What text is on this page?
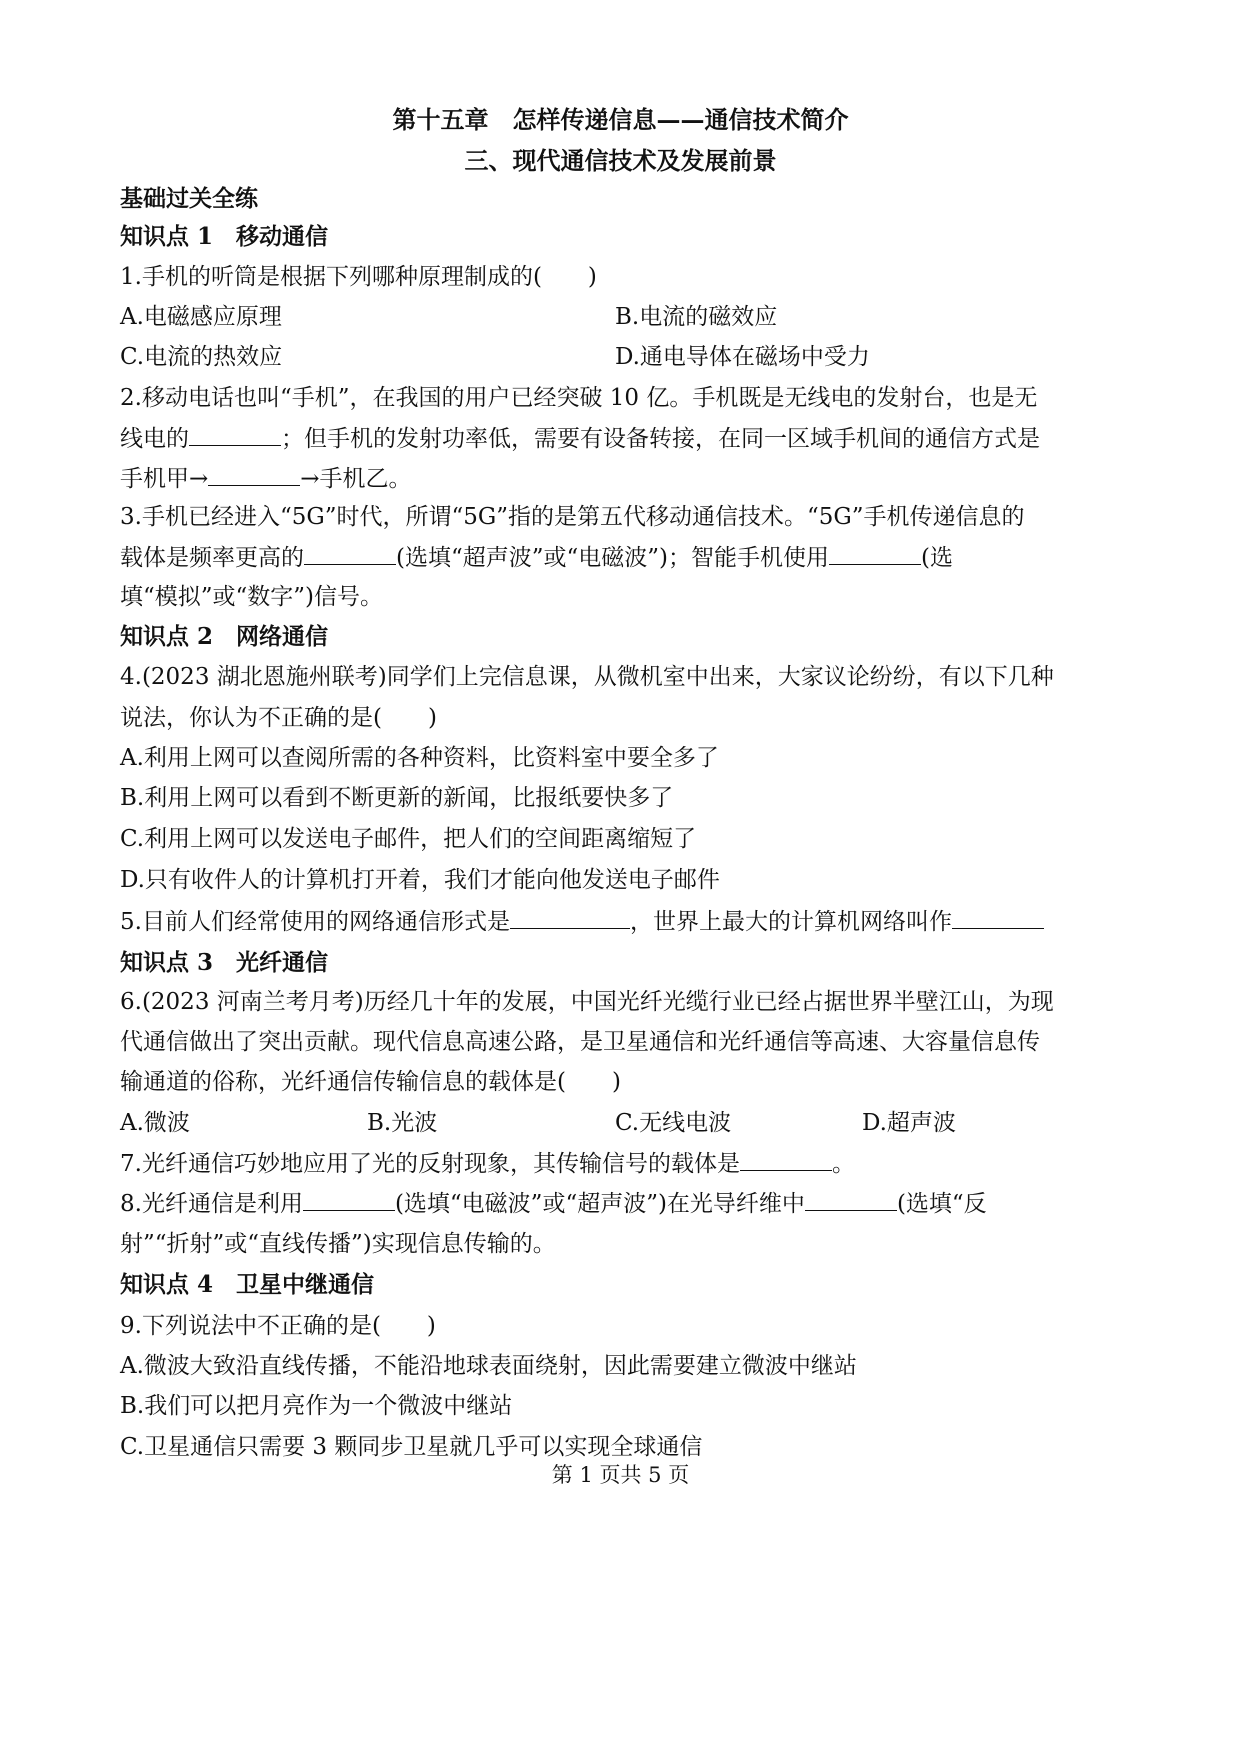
第十五章　怎样传递信息——通信技术简介
三、现代通信技术及发展前景
基础过关全练
知识点 1　移动通信
1.手机的听筒是根据下列哪种原理制成的(　　)
A.电磁感应原理	B.电流的磁效应
C.电流的热效应	D.通电导体在磁场中受力
2.移动电话也叫“手机”，在我国的用户已经突破 10 亿。手机既是无线电的发射台，也是无
线电的	；但手机的发射功率低，需要有设备转接，在同一区域手机间的通信方式是
手机甲→	→手机乙。
3.手机已经进入“5G”时代，所谓“5G”指的是第五代移动通信技术。“5G”手机传递信息的
载体是频率更高的	(选填“超声波”或“电磁波”)；智能手机使用	(选
填“模拟”或“数字”)信号。
知识点 2　网络通信
4.(2023 湖北恩施州联考)同学们上完信息课，从微机室中出来，大家议论纷纷，有以下几种
说法，你认为不正确的是(　　)
A.利用上网可以查阅所需的各种资料，比资料室中要全多了
B.利用上网可以看到不断更新的新闻，比报纸要快多了
C.利用上网可以发送电子邮件，把人们的空间距离缩短了
D.只有收件人的计算机打开着，我们才能向他发送电子邮件
5.目前人们经常使用的网络通信形式是	，世界上最大的计算机网络叫作
知识点 3　光纤通信
6.(2023 河南兰考月考)历经几十年的发展，中国光纤光缆行业已经占据世界半壁江山，为现
代通信做出了突出贡献。现代信息高速公路，是卫星通信和光纤通信等高速、大容量信息传
输通道的俗称，光纤通信传输信息的载体是(　　)
A.微波	B.光波	C.无线电波	D.超声波
7.光纤通信巧妙地应用了光的反射现象，其传输信号的载体是	。
8.光纤通信是利用	(选填“电磁波”或“超声波”)在光导纤维中	(选填“反
射”“折射”或“直线传播”)实现信息传输的。
知识点 4　卫星中继通信
9.下列说法中不正确的是(　　)
A.微波大致沿直线传播，不能沿地球表面绕射，因此需要建立微波中继站
B.我们可以把月亮作为一个微波中继站
C.卫星通信只需要 3 颗同步卫星就几乎可以实现全球通信
第 1 页共 5 页
